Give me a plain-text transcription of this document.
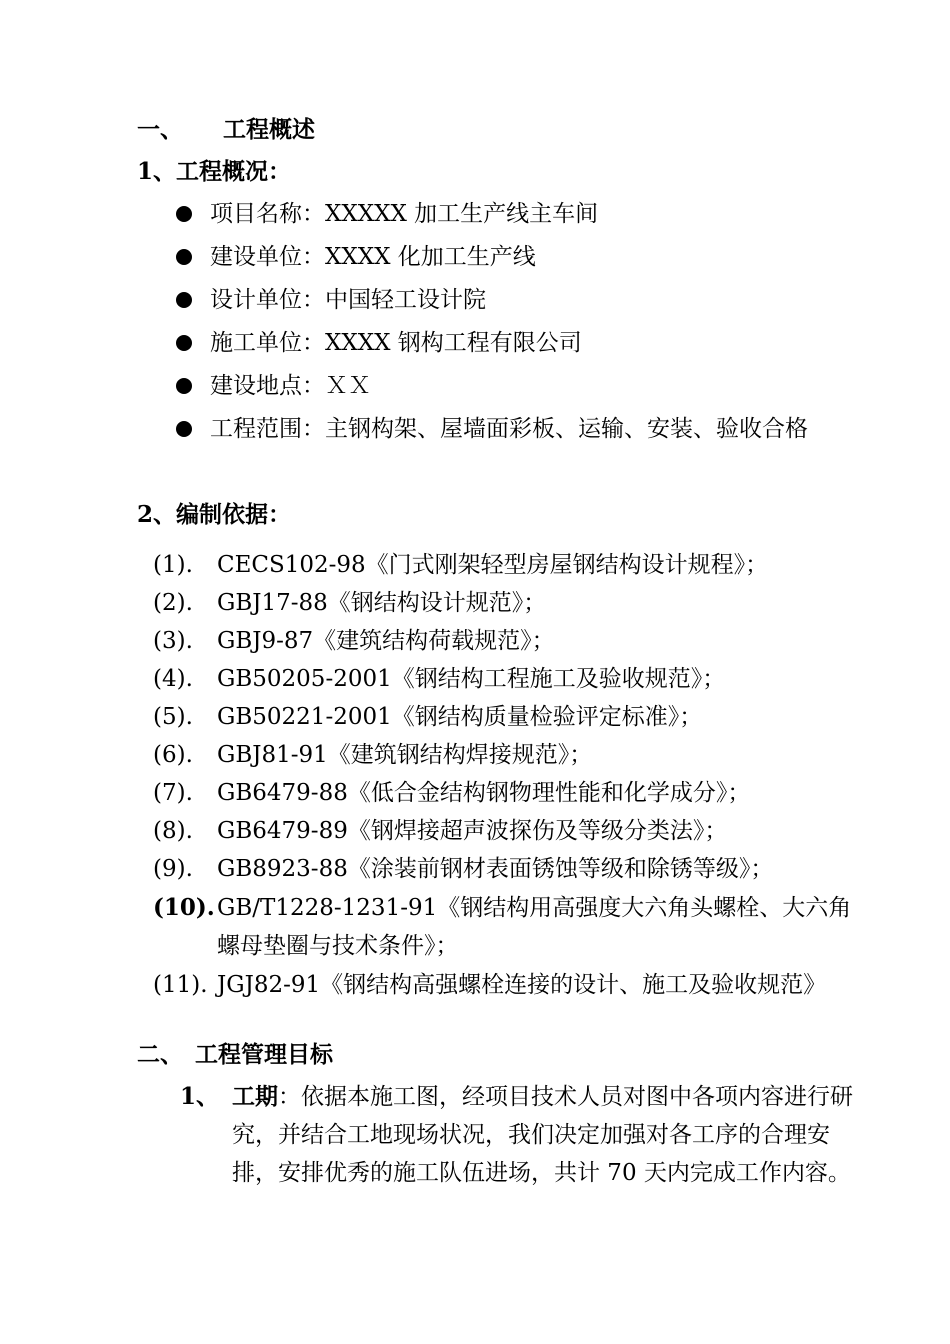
一、 工程概述
1、工程概况：
项目名称：XXXXX 加工生产线主车间
建设单位：XXXX 化加工生产线
设计单位：中国轻工设计院
施工单位：XXXX 钢构工程有限公司
建设地点：ＸＸ
工程范围：主钢构架、屋墙面彩板、运输、安装、验收合格
2、编制依据：
(1).	CECS102-98《门式刚架轻型房屋钢结构设计规程》；
(2).	GBJ17-88《钢结构设计规范》；
(3).	GBJ9-87《建筑结构荷载规范》；
(4).	GB50205-2001《钢结构工程施工及验收规范》；
(5).	GB50221-2001《钢结构质量检验评定标准》；
(6).	GBJ81-91《建筑钢结构焊接规范》；
(7).	GB6479-88《低合金结构钢物理性能和化学成分》；
(8).	GB6479-89《钢焊接超声波探伤及等级分类法》；
(9).	GB8923-88《涂装前钢材表面锈蚀等级和除锈等级》；
(10). GB/T1228-1231-91《钢结构用高强度大六角头螺栓、大六角螺母垫圈与技术条件》；
(11). JGJ82-91《钢结构高强螺栓连接的设计、施工及验收规范》
二、 工程管理目标
1、 工期：依据本施工图，经项目技术人员对图中各项内容进行研究，并结合工地现场状况，我们决定加强对各工序的合理安排，安排优秀的施工队伍进场，共计 70 天内完成工作内容。
